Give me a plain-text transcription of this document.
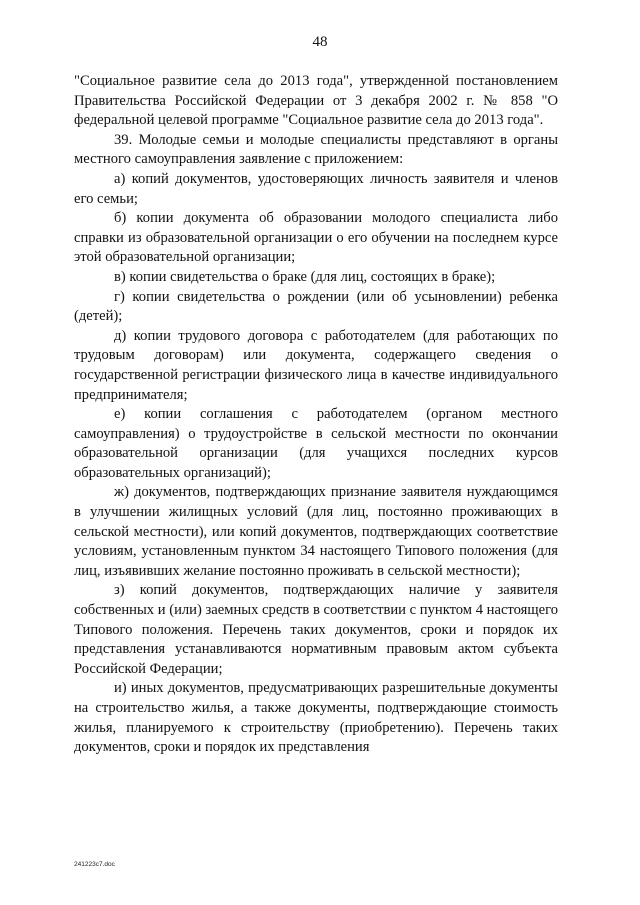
48

"Социальное развитие села до 2013 года", утвержденной постановлением Правительства Российской Федерации от 3 декабря 2002 г. № 858 "О федеральной целевой программе "Социальное развитие села до 2013 года".

39. Молодые семьи и молодые специалисты представляют в органы местного самоуправления заявление с приложением:

а) копий документов, удостоверяющих личность заявителя и членов его семьи;

б) копии документа об образовании молодого специалиста либо справки из образовательной организации о его обучении на последнем курсе этой образовательной организации;

в) копии свидетельства о браке (для лиц, состоящих в браке);

г) копии свидетельства о рождении (или об усыновлении) ребенка (детей);

д) копии трудового договора с работодателем (для работающих по трудовым договорам) или документа, содержащего сведения о государственной регистрации физического лица в качестве индивидуального предпринимателя;

е) копии соглашения с работодателем (органом местного самоуправления) о трудоустройстве в сельской местности по окончании образовательной организации (для учащихся последних курсов образовательных организаций);

ж) документов, подтверждающих признание заявителя нуждающимся в улучшении жилищных условий (для лиц, постоянно проживающих в сельской местности), или копий документов, подтверждающих соответствие условиям, установленным пунктом 34 настоящего Типового положения (для лиц, изъявивших желание постоянно проживать в сельской местности);

з) копий документов, подтверждающих наличие у заявителя собственных и (или) заемных средств в соответствии с пунктом 4 настоящего Типового положения. Перечень таких документов, сроки и порядок их представления устанавливаются нормативным правовым актом субъекта Российской Федерации;

и) иных документов, предусматривающих разрешительные документы на строительство жилья, а также документы, подтверждающие стоимость жилья, планируемого к строительству (приобретению). Перечень таких документов, сроки и порядок их представления

241223c7.doc
